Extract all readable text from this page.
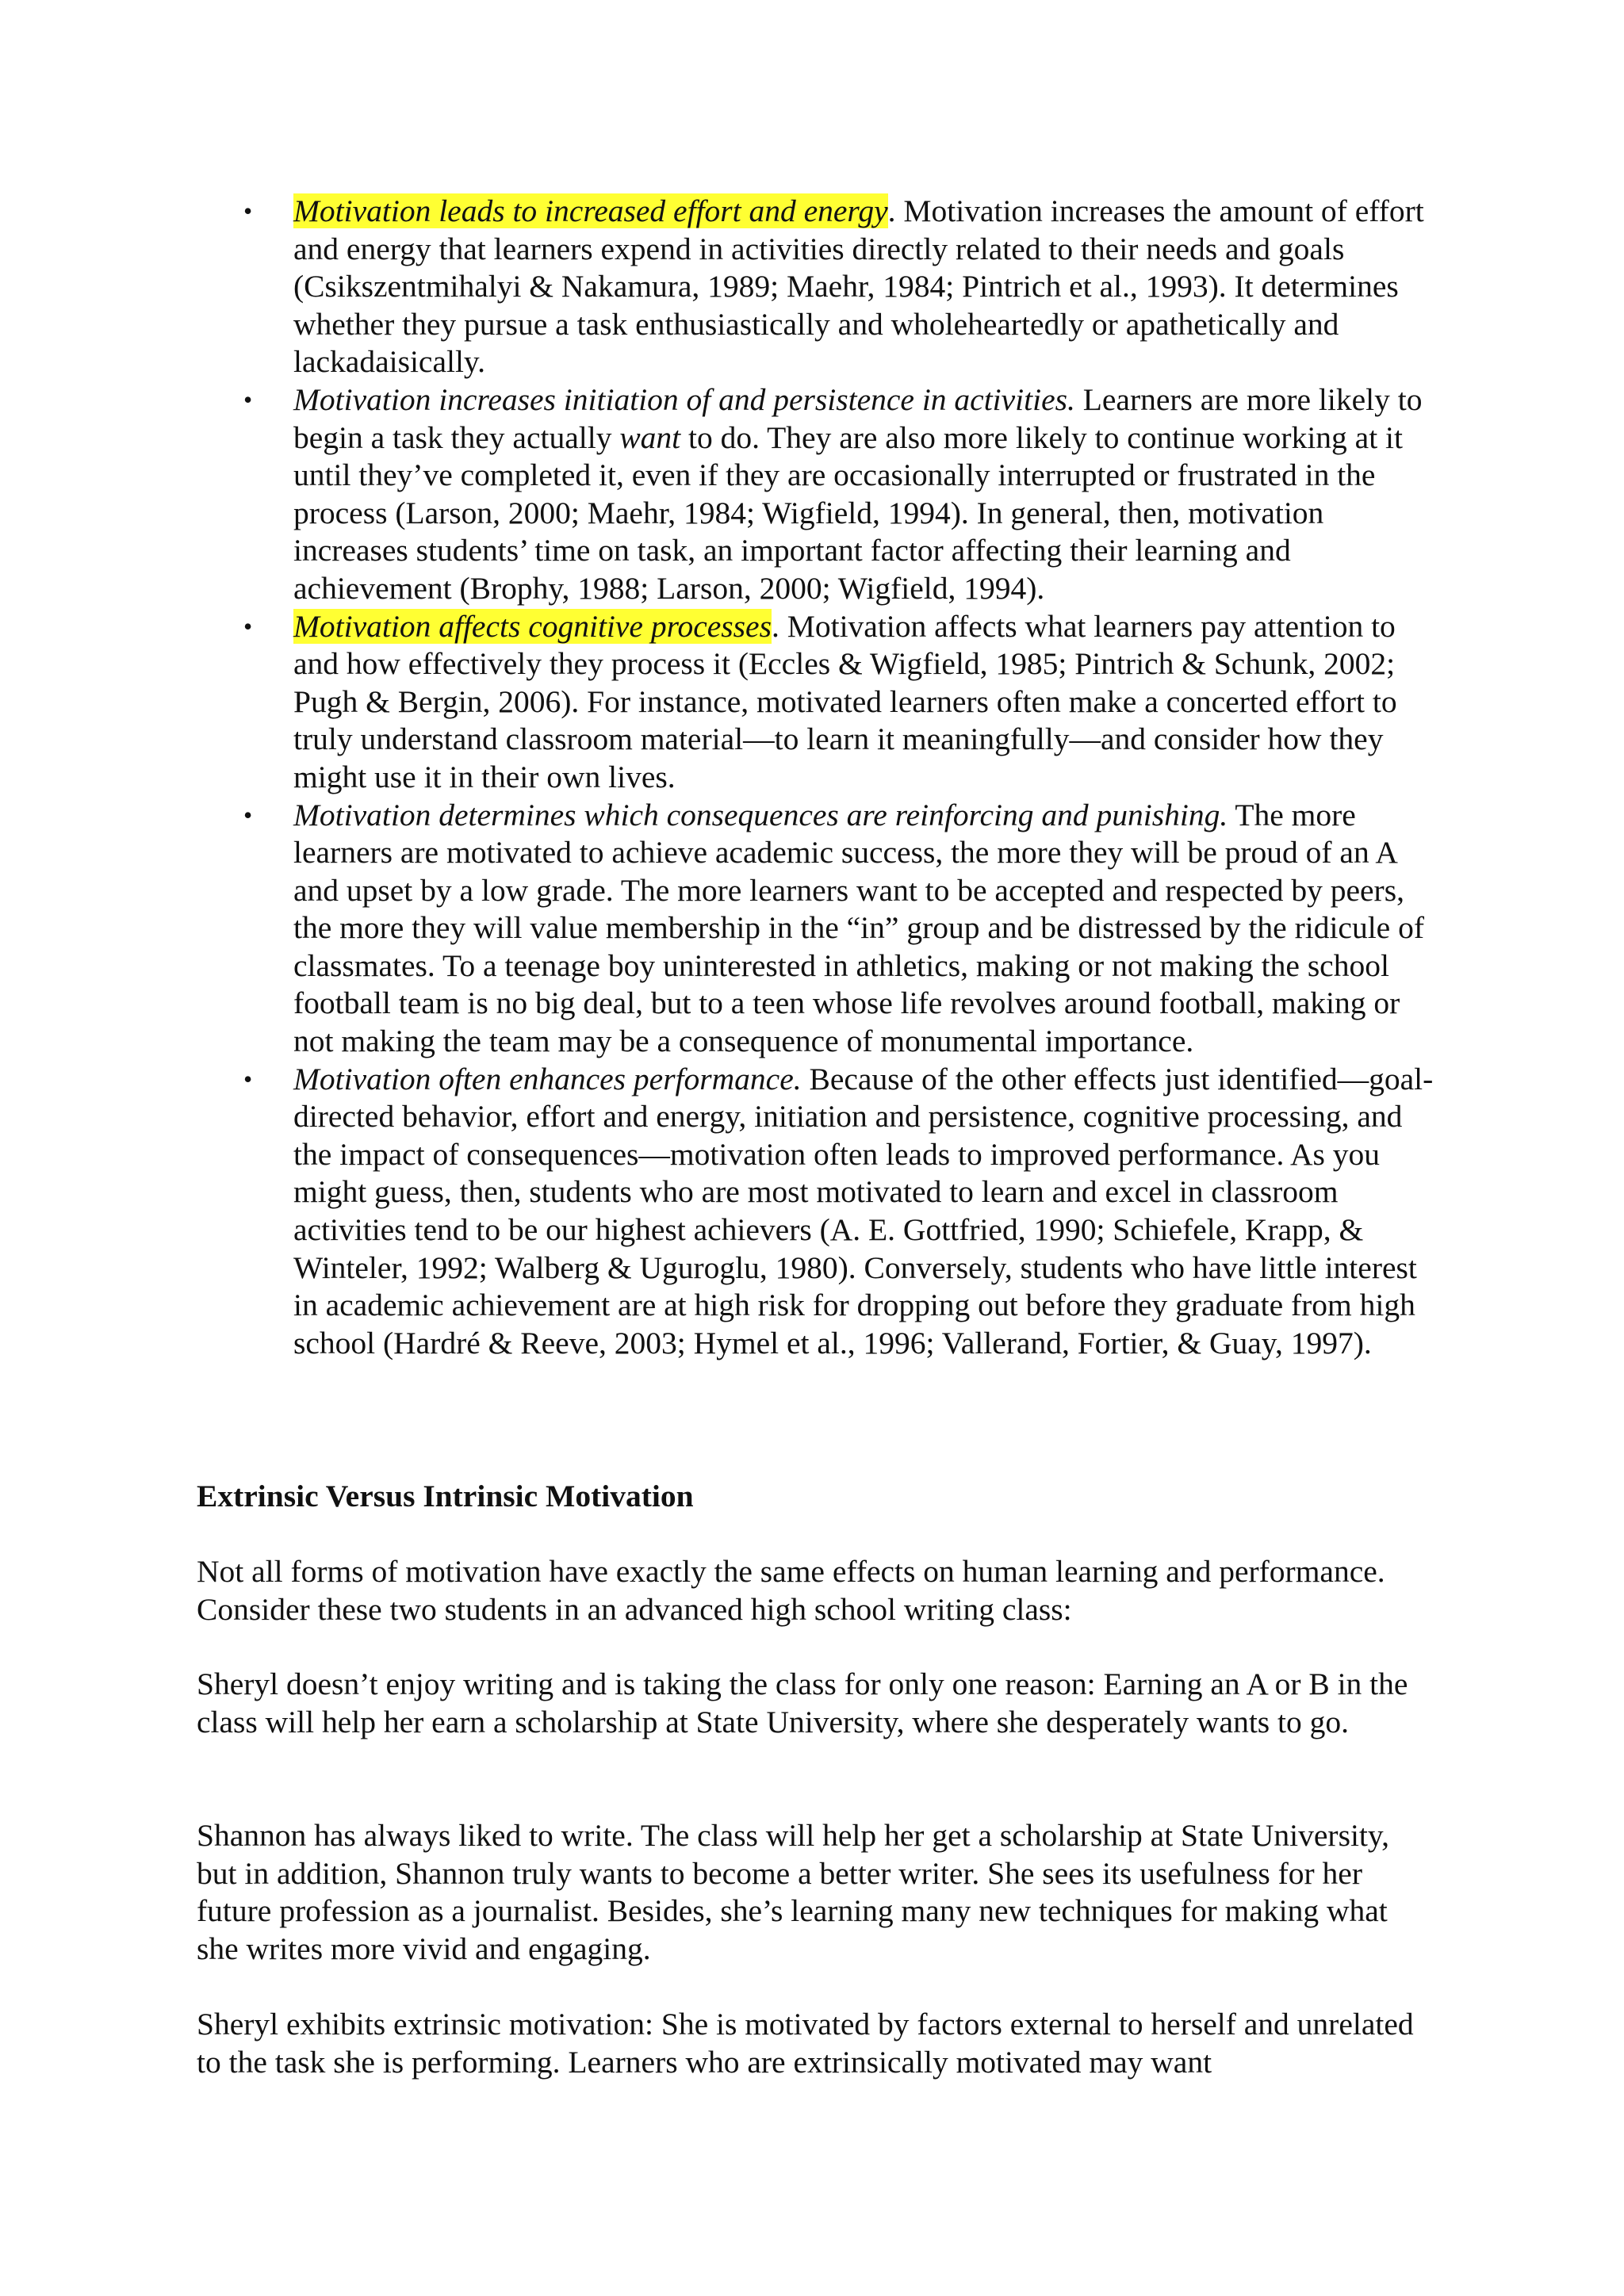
• Motivation leads to increased effort and energy. Motivation increases the amount of effort and energy that learners expend in activities directly related to their needs and goals (Csikszentmihalyi & Nakamura, 1989; Maehr, 1984; Pintrich et al., 1993). It determines whether they pursue a task enthusiastically and wholeheartedly or apathetically and lackadaisically.
• Motivation increases initiation of and persistence in activities. Learners are more likely to begin a task they actually want to do. They are also more likely to continue working at it until they’ve completed it, even if they are occasionally interrupted or frustrated in the process (Larson, 2000; Maehr, 1984; Wigfield, 1994). In general, then, motivation increases students’ time on task, an important factor affecting their learning and achievement (Brophy, 1988; Larson, 2000; Wigfield, 1994).
• Motivation affects cognitive processes. Motivation affects what learners pay attention to and how effectively they process it (Eccles & Wigfield, 1985; Pintrich & Schunk, 2002; Pugh & Bergin, 2006). For instance, motivated learners often make a concerted effort to truly understand classroom material—to learn it meaningfully—and consider how they might use it in their own lives.
• Motivation determines which consequences are reinforcing and punishing. The more learners are motivated to achieve academic success, the more they will be proud of an A and upset by a low grade. The more learners want to be accepted and respected by peers, the more they will value membership in the “in” group and be distressed by the ridicule of classmates. To a teenage boy uninterested in athletics, making or not making the school football team is no big deal, but to a teen whose life revolves around football, making or not making the team may be a consequence of monumental importance.
• Motivation often enhances performance. Because of the other effects just identified—goal-directed behavior, effort and energy, initiation and persistence, cognitive processing, and the impact of consequences—motivation often leads to improved performance. As you might guess, then, students who are most motivated to learn and excel in classroom activities tend to be our highest achievers (A. E. Gottfried, 1990; Schiefele, Krapp, & Winteler, 1992; Walberg & Uguroglu, 1980). Conversely, students who have little interest in academic achievement are at high risk for dropping out before they graduate from high school (Hardré & Reeve, 2003; Hymel et al., 1996; Vallerand, Fortier, & Guay, 1997).

Extrinsic Versus Intrinsic Motivation

Not all forms of motivation have exactly the same effects on human learning and performance. Consider these two students in an advanced high school writing class:

Sheryl doesn’t enjoy writing and is taking the class for only one reason: Earning an A or B in the class will help her earn a scholarship at State University, where she desperately wants to go.

Shannon has always liked to write. The class will help her get a scholarship at State University, but in addition, Shannon truly wants to become a better writer. She sees its usefulness for her future profession as a journalist. Besides, she’s learning many new techniques for making what she writes more vivid and engaging.

Sheryl exhibits extrinsic motivation: She is motivated by factors external to herself and unrelated to the task she is performing. Learners who are extrinsically motivated may want
